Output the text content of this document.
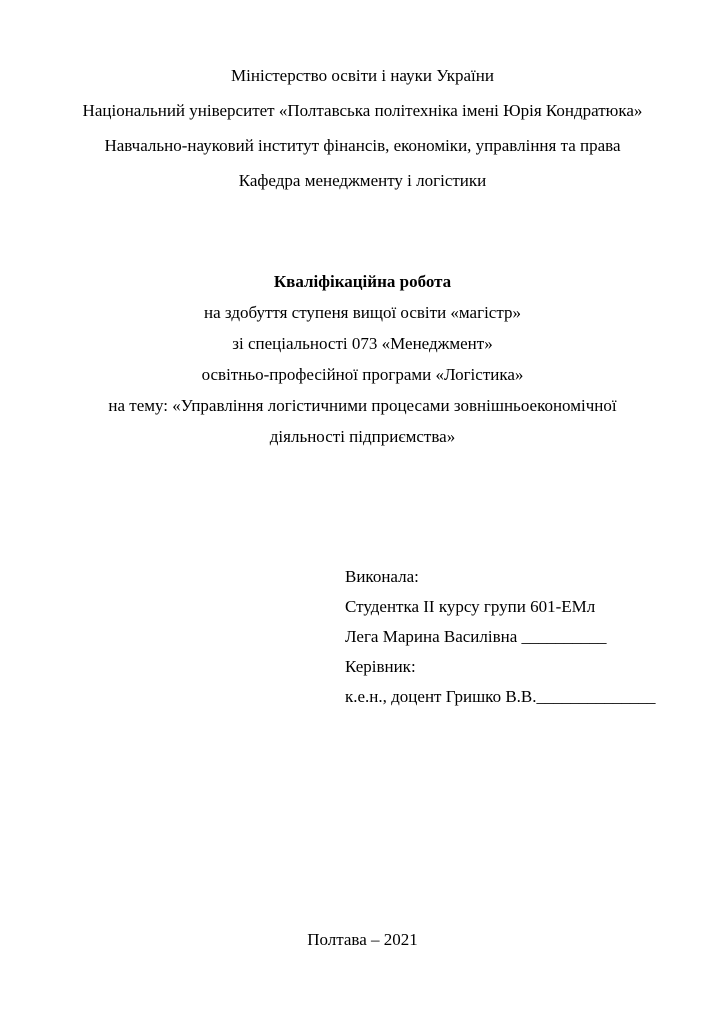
Міністерство освіти і науки України
Національний університет «Полтавська політехніка імені Юрія Кондратюка»
Навчально-науковий інститут фінансів, економіки, управління та права
Кафедра менеджменту і логістики
Кваліфікаційна робота
на здобуття ступеня вищої освіти «магістр»
зі спеціальності 073 «Менеджмент»
освітньо-професійної програми «Логістика»
на тему: «Управління логістичними процесами зовнішньоекономічної
діяльності підприємства»
Виконала:
Студентка ІІ курсу групи 601-ЕМл
Лега Марина Василівна __________
Керівник:
к.е.н., доцент Гришко В.В.______________
Полтава – 2021
